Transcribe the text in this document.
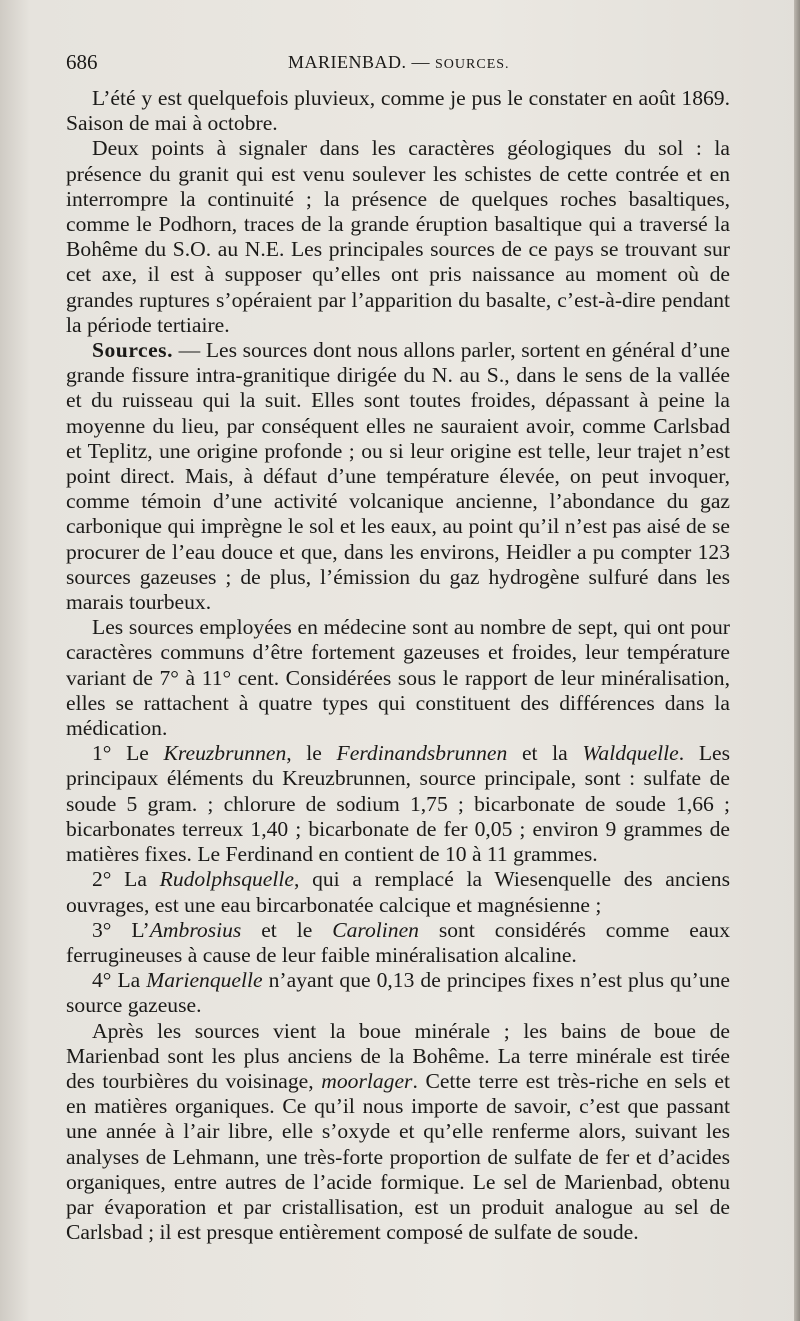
686	MARIENBAD. — SOURCES.

L’été y est quelquefois pluvieux, comme je pus le constater en août 1869. Saison de mai à octobre.

Deux points à signaler dans les caractères géologiques du sol : la présence du granit qui est venu soulever les schistes de cette contrée et en interrompre la continuité ; la présence de quelques roches basaltiques, comme le Podhorn, traces de la grande éruption basaltique qui a traversé la Bohême du S.O. au N.E. Les principales sources de ce pays se trouvant sur cet axe, il est à supposer qu’elles ont pris naissance au moment où de grandes ruptures s’opéraient par l’apparition du basalte, c’est-à-dire pendant la période tertiaire.

Sources. — Les sources dont nous allons parler, sortent en général d’une grande fissure intra-granitique dirigée du N. au S., dans le sens de la vallée et du ruisseau qui la suit. Elles sont toutes froides, dépassant à peine la moyenne du lieu, par conséquent elles ne sauraient avoir, comme Carlsbad et Teplitz, une origine profonde ; ou si leur origine est telle, leur trajet n’est point direct. Mais, à défaut d’une température élevée, on peut invoquer, comme témoin d’une activité volcanique ancienne, l’abondance du gaz carbonique qui imprègne le sol et les eaux, au point qu’il n’est pas aisé de se procurer de l’eau douce et que, dans les environs, Heidler a pu compter 123 sources gazeuses ; de plus, l’émission du gaz hydrogène sulfuré dans les marais tourbeux.

Les sources employées en médecine sont au nombre de sept, qui ont pour caractères communs d’être fortement gazeuses et froides, leur température variant de 7° à 11° cent. Considérées sous le rapport de leur minéralisation, elles se rattachent à quatre types qui constituent des différences dans la médication.

1° Le Kreuzbrunnen, le Ferdinandsbrunnen et la Waldquelle. Les principaux éléments du Kreuzbrunnen, source principale, sont : sulfate de soude 5 gram. ; chlorure de sodium 1,75 ; bicarbonate de soude 1,66 ; bicarbonates terreux 1,40 ; bicarbonate de fer 0,05 ; environ 9 grammes de matières fixes. Le Ferdinand en contient de 10 à 11 grammes.

2° La Rudolphsquelle, qui a remplacé la Wiesenquelle des anciens ouvrages, est une eau bircarbonatée calcique et magnésienne ;

3° L’Ambrosius et le Carolinen sont considérés comme eaux ferrugineuses à cause de leur faible minéralisation alcaline.

4° La Marienquelle n’ayant que 0,13 de principes fixes n’est plus qu’une source gazeuse.

Après les sources vient la boue minérale ; les bains de boue de Marienbad sont les plus anciens de la Bohême. La terre minérale est tirée des tourbières du voisinage, moorlager. Cette terre est très-riche en sels et en matières organiques. Ce qu’il nous importe de savoir, c’est que passant une année à l’air libre, elle s’oxyde et qu’elle renferme alors, suivant les analyses de Lehmann, une très-forte proportion de sulfate de fer et d’acides organiques, entre autres de l’acide formique. Le sel de Marienbad, obtenu par évaporation et par cristallisation, est un produit analogue au sel de Carlsbad ; il est presque entièrement composé de sulfate de soude.
